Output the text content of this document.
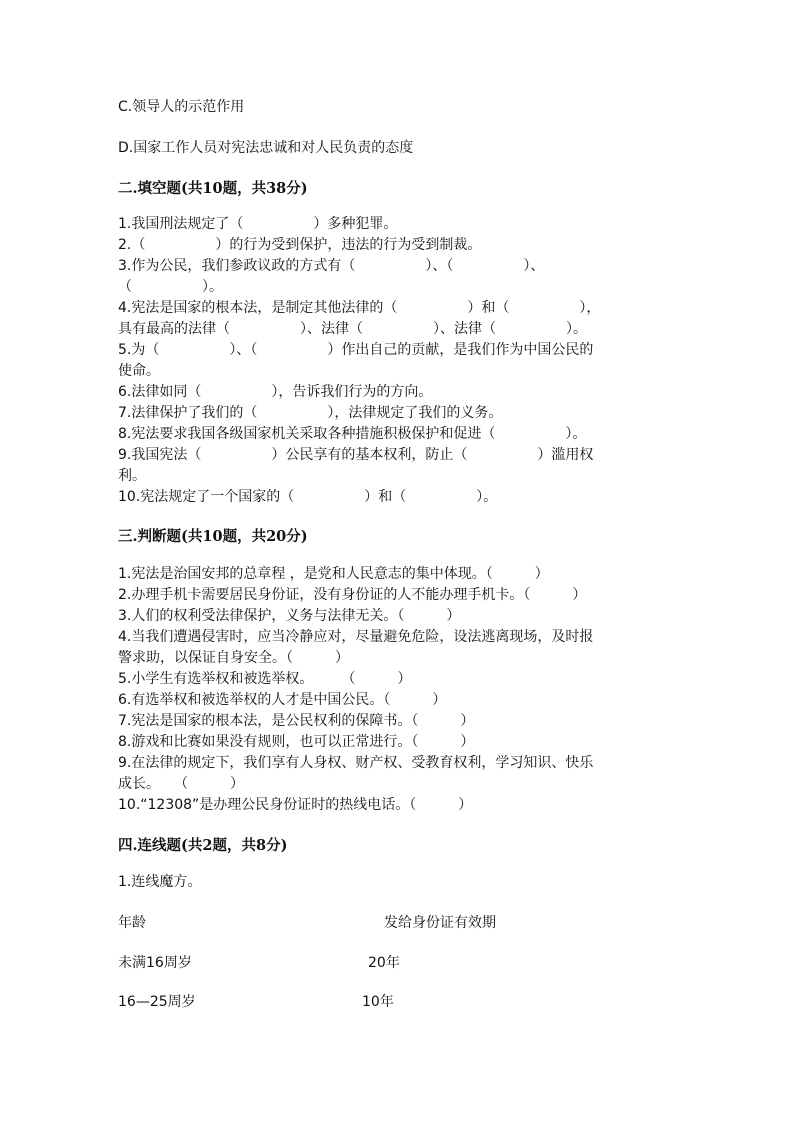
C.领导人的示范作用
D.国家工作人员对宪法忠诚和对人民负责的态度
二.填空题(共10题，共38分)
1.我国刑法规定了（　　　　　）多种犯罪。
2.（　　　　　）的行为受到保护，违法的行为受到制裁。
3.作为公民，我们参政议政的方式有（　　　　　）、（　　　　　）、
（　　　　　）。
4.宪法是国家的根本法，是制定其他法律的（　　　　　）和（　　　　　），
具有最高的法律（　　　　　）、法律（　　　　　）、法律（　　　　　）。
5.为（　　　　　）、（　　　　　）作出自己的贡献，是我们作为中国公民的
使命。
6.法律如同（　　　　　），告诉我们行为的方向。
7.法律保护了我们的（　　　　　），法律规定了我们的义务。
8.宪法要求我国各级国家机关采取各种措施积极保护和促进（　　　　　）。
9.我国宪法（　　　　　）公民享有的基本权利，防止（　　　　　）滥用权
利。
10.宪法规定了一个国家的（　　　　　）和（　　　　　）。
三.判断题(共10题，共20分)
1.宪法是治国安邦的总章程 ，是党和人民意志的集中体现。（　　　）
2.办理手机卡需要居民身份证，没有身份证的人不能办理手机卡。（　　　）
3.人们的权利受法律保护，义务与法律无关。（　　　）
4.当我们遭遇侵害时，应当冷静应对，尽量避免危险，设法逃离现场，及时报
警求助，以保证自身安全。（　　　）
5.小学生有选举权和被选举权。　　　（　　　）
6.有选举权和被选举权的人才是中国公民。（　　　）
7.宪法是国家的根本法，是公民权利的保障书。（　　　）
8.游戏和比赛如果没有规则，也可以正常进行。（　　　）
9.在法律的规定下，我们享有人身权、财产权、受教育权利，学习知识、快乐
成长。　　（　　　）
10.“12308”是办理公民身份证时的热线电话。（　　　）
四.连线题(共2题，共8分)
1.连线魔方。
年龄	发给身份证有效期
未满16周岁	20年
16—25周岁	10年
